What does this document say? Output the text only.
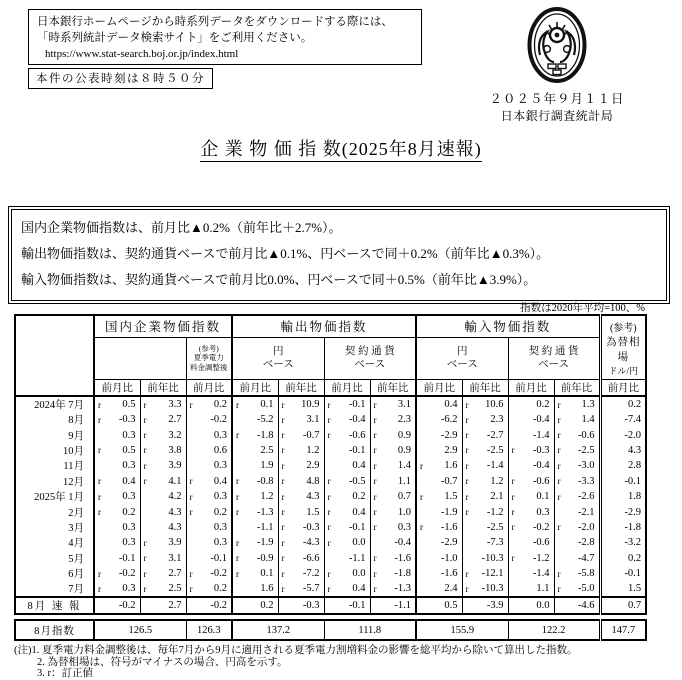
日本銀行ホームページから時系列データをダウンロードする際には、
「時系列統計データ検索サイト」をご利用ください。
https://www.stat-search.boj.or.jp/index.html
本件の公表時刻は８時５０分
２０２５年９月１１日
日本銀行調査統計局
企 業 物 価 指 数(2025年8月速報)

国内企業物価指数は、前月比▲0.2%（前年比＋2.7%）。

輸出物価指数は、契約通貨ベースで前月比▲0.1%、円ベースで同＋0.2%（前年比▲0.3%）。

輸入物価指数は、契約通貨ベースで前月比0.0%、円ベースで同＋0.5%（前年比▲3.9%）。

指数は2020年平均=100、%
	国内企業物価指数			輸出物価指数				輸入物価指数				(参考)
為替相場
ドル/円

			(参考)
夏季電力
料金調整後	円
ベース		契 約 通 貨
ベース		円
ベース		契 約 通 貨
ベース		
	前月比	前年比	前月比	前月比	前年比	前月比	前年比	前月比	前年比	前月比	前年比	前月比
2024年 7月	r 0.5	r 3.3	r 0.2	r 0.1	r 10.9	r -0.1	r 3.1	0.4	r 10.6	0.2	r 1.3	0.2
8月	r -0.3	r 2.7	-0.2	-5.2	r 3.1	r -0.4	r 2.3	-6.2	r 2.3	-0.4	r 1.4	-7.4
9月	0.3	r 3.2	0.3	r -1.8	r -0.7	r -0.6	r 0.9	-2.9	r -2.7	-1.4	r -0.6	-2.0
10月	r 0.5	r 3.8	0.6	2.5	r 1.2	-0.1	r 0.9	2.9	r -2.5	r -0.3	r -2.5	4.3
11月	0.3	r 3.9	0.3	1.9	r 2.9	0.4	r 1.4	r 1.6	r -1.4	-0.4	r -3.0	2.8
12月	r 0.4	r 4.1	r 0.4	r -0.8	r 4.8	r -0.5	r 1.1	-0.7	r 1.2	r -0.6	r -3.3	-0.1
2025年 1月	r 0.3	4.2	r 0.3	r 1.2	r 4.3	r 0.2	r 0.7	r 1.5	r 2.1	r 0.1	r -2.6	1.8
2月	r 0.2	4.3	r 0.2	r -1.3	r 1.5	r 0.4	r 1.0	-1.9	r -1.2	r 0.3	-2.1	-2.9
3月	0.3	4.3	0.3	-1.1	r -0.3	r -0.1	r 0.3	r -1.6	-2.5	r -0.2	r -2.0	-1.8
4月	0.3	r 3.9	0.3	r -1.9	r -4.3	r 0.0	-0.4	-2.9	-7.3	-0.6	-2.8	-3.2
5月	-0.1	r 3.1	-0.1	r -0.9	r -6.6	-1.1	r -1.6	-1.0	-10.3	r -1.2	-4.7	0.2
6月	r -0.2	r 2.7	r -0.2	r 0.1	r -7.2	r 0.0	r -1.8	-1.6	r -12.1	-1.4	r -5.8	-0.1
7月	r 0.3	r 2.5	r 0.2	1.6	r -5.7	r 0.4	r -1.3	2.4	r -10.3	1.1	r -5.0	1.5
8月 速 報	-0.2	2.7	-0.2	0.2	-0.3	-0.1	-1.1	0.5	-3.9	0.0	-4.6	0.7
8月指数	126.5	126.3	137.2	111.8	155.9	122.2	147.7
(注)1. 夏季電力料金調整後は、毎年7月から9月に適用される夏季電力割増料金の影響を総平均から除いて算出した指数。
2. 為替相場は、符号がマイナスの場合、円高を示す。
3. r：訂正値
